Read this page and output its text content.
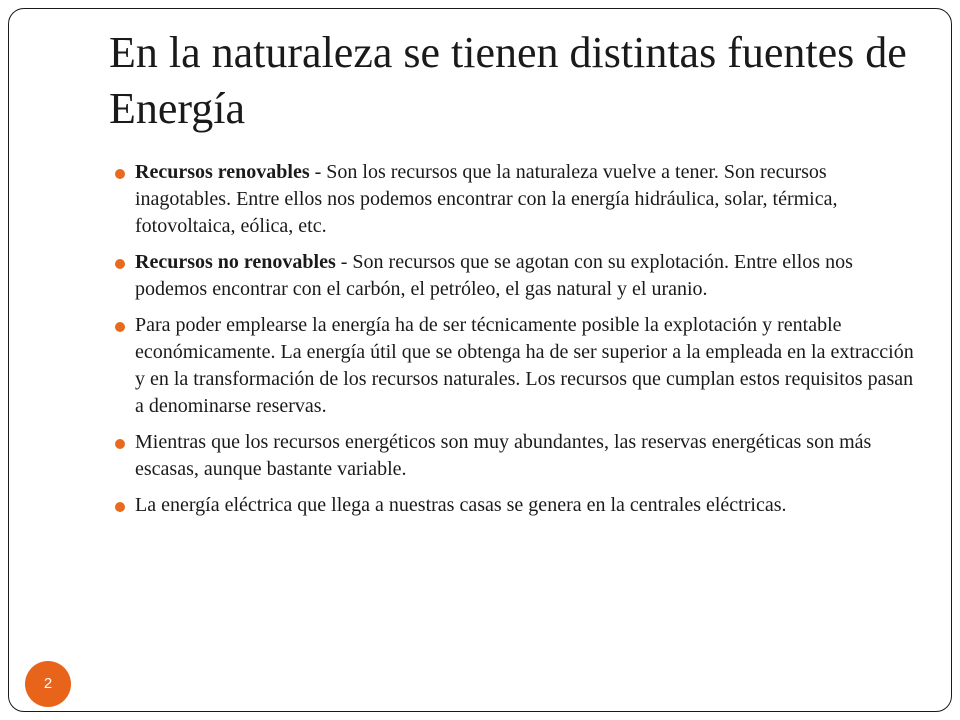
En la naturaleza se tienen distintas fuentes de Energía
Recursos renovables - Son los recursos que la naturaleza vuelve a tener. Son recursos inagotables. Entre ellos nos podemos encontrar con la energía hidráulica, solar, térmica, fotovoltaica, eólica, etc.
Recursos no renovables - Son recursos que se agotan con su explotación. Entre ellos nos podemos encontrar con el carbón, el petróleo, el gas natural y el uranio.
Para poder emplearse la energía ha de ser técnicamente posible la explotación y rentable económicamente. La energía útil que se obtenga ha de ser superior a la empleada en la extracción y en la transformación de los recursos naturales. Los recursos que cumplan estos requisitos pasan a denominarse reservas.
Mientras que los recursos energéticos son muy abundantes, las reservas energéticas son más escasas, aunque bastante variable.
La energía eléctrica que llega a nuestras casas se genera en la centrales eléctricas.
2
